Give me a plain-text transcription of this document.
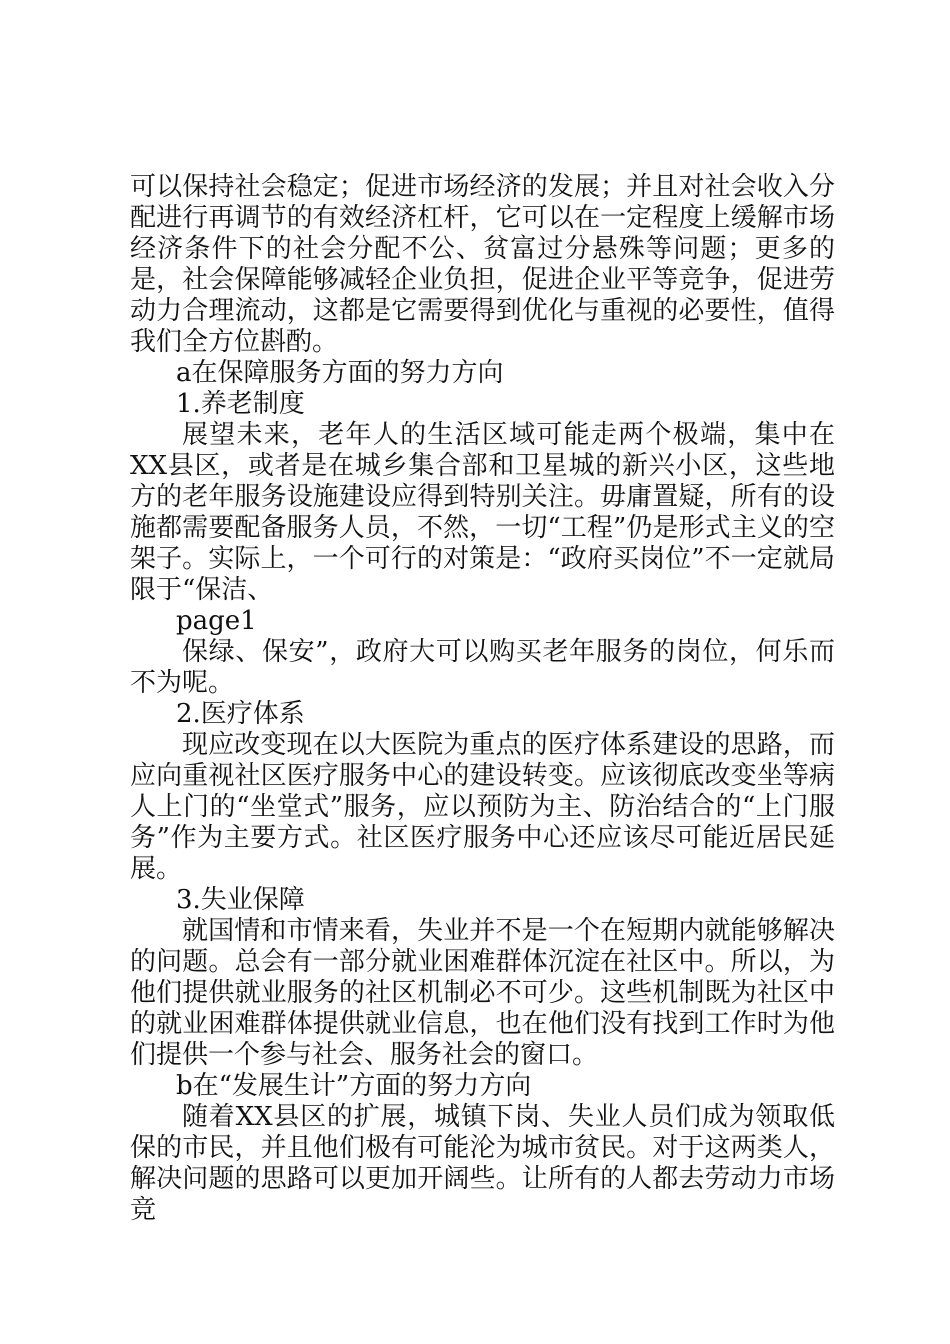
可以保持社会稳定；促进市场经济的发展；并且对社会收入分配进行再调节的有效经济杠杆，它可以在一定程度上缓解市场经济条件下的社会分配不公、贫富过分悬殊等问题；更多的是，社会保障能够减轻企业负担，促进企业平等竞争，促进劳动力合理流动，这都是它需要得到优化与重视的必要性，值得我们全方位斟酌。

a在保障服务方面的努力方向

1.养老制度

展望未来，老年人的生活区域可能走两个极端，集中在XX县区，或者是在城乡集合部和卫星城的新兴小区，这些地方的老年服务设施建设应得到特别关注。毋庸置疑，所有的设施都需要配备服务人员，不然，一切“工程”仍是形式主义的空架子。实际上，一个可行的对策是：“政府买岗位”不一定就局限于“保洁、

page1

保绿、保安”，政府大可以购买老年服务的岗位，何乐而不为呢。

2.医疗体系

现应改变现在以大医院为重点的医疗体系建设的思路，而应向重视社区医疗服务中心的建设转变。应该彻底改变坐等病人上门的“坐堂式”服务，应以预防为主、防治结合的“上门服务”作为主要方式。社区医疗服务中心还应该尽可能近居民延展。

3.失业保障

就国情和市情来看，失业并不是一个在短期内就能够解决的问题。总会有一部分就业困难群体沉淀在社区中。所以，为他们提供就业服务的社区机制必不可少。这些机制既为社区中的就业困难群体提供就业信息，也在他们没有找到工作时为他们提供一个参与社会、服务社会的窗口。

b在“发展生计”方面的努力方向

随着XX县区的扩展，城镇下岗、失业人员们成为领取低保的市民，并且他们极有可能沦为城市贫民。对于这两类人，解决问题的思路可以更加开阔些。让所有的人都去劳动力市场竞
